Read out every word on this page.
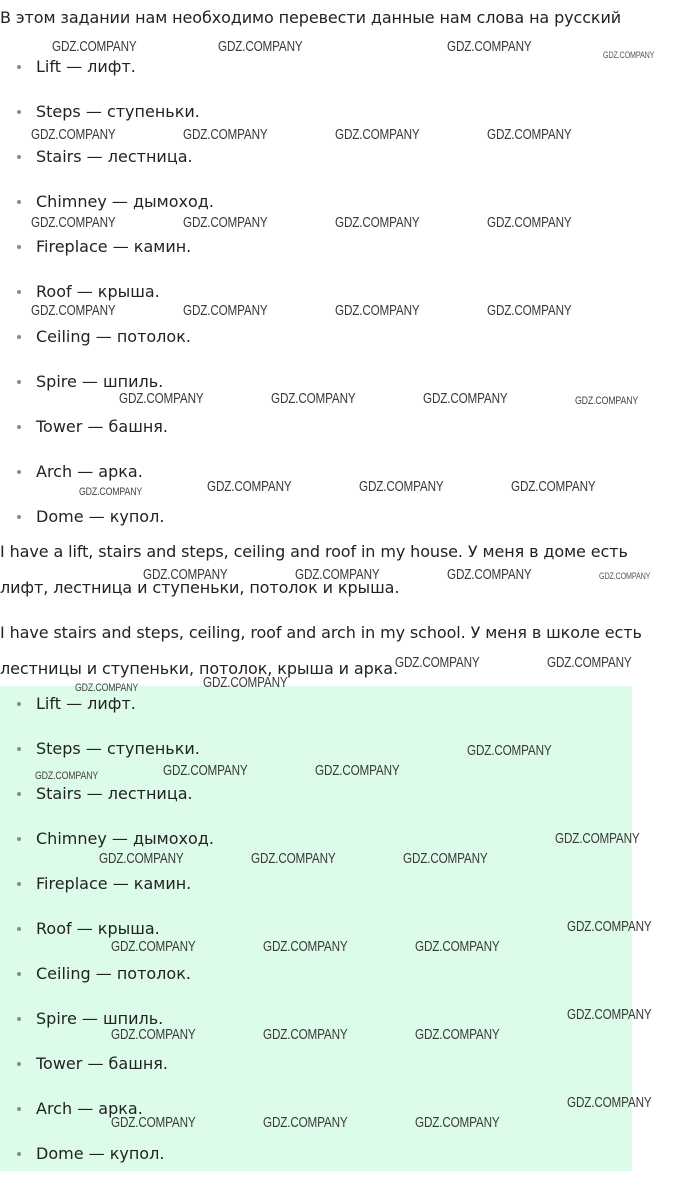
В этом задании нам необходимо перевести данные нам слова на русский

Lift — лифт.
Steps — ступеньки.
Stairs — лестница.
Chimney — дымоход.
Fireplace — камин.
Roof — крыша.
Ceiling — потолок.
Spire — шпиль.
Tower — башня.
Arch — арка.
Dome — купол.

I have a lift, stairs and steps, ceiling and roof in my house. У меня в доме есть лифт, лестница и ступеньки, потолок и крыша.

I have stairs and steps, ceiling, roof and arch in my school. У меня в школе есть лестницы и ступеньки, потолок, крыша и арка.

Lift — лифт.
Steps — ступеньки.
Stairs — лестница.
Chimney — дымоход.
Fireplace — камин.
Roof — крыша.
Ceiling — потолок.
Spire — шпиль.
Tower — башня.
Arch — арка.
Dome — купол.
GDZ.COMPANY	GDZ.COMPANY	GDZ.COMPANY	GDZ.COMPANY
GDZ.COMPANY	GDZ.COMPANY	GDZ.COMPANY	GDZ.COMPANY
GDZ.COMPANY	GDZ.COMPANY	GDZ.COMPANY	GDZ.COMPANY
GDZ.COMPANY	GDZ.COMPANY	GDZ.COMPANY	GDZ.COMPANY
GDZ.COMPANY	GDZ.COMPANY	GDZ.COMPANY	GDZ.COMPANY
GDZ.COMPANY	GDZ.COMPANY	GDZ.COMPANY	GDZ.COMPANY
GDZ.COMPANY	GDZ.COMPANY	GDZ.COMPANY	GDZ.COMPANY
GDZ.COMPANY	GDZ.COMPANY
GDZ.COMPANY	GDZ.COMPANY
GDZ.COMPANY
GDZ.COMPANY	GDZ.COMPANY	GDZ.COMPANY
GDZ.COMPANY
GDZ.COMPANY	GDZ.COMPANY	GDZ.COMPANY
GDZ.COMPANY
GDZ.COMPANY	GDZ.COMPANY	GDZ.COMPANY
GDZ.COMPANY
GDZ.COMPANY	GDZ.COMPANY	GDZ.COMPANY
GDZ.COMPANY
GDZ.COMPANY	GDZ.COMPANY	GDZ.COMPANY
